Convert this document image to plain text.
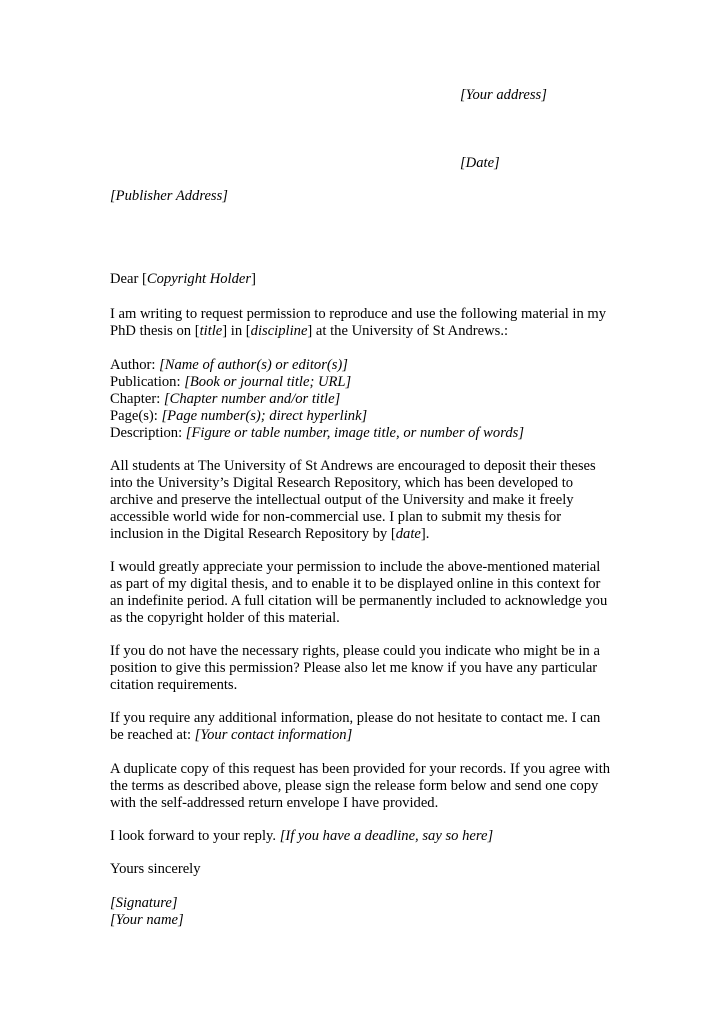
[Your address]

[Date]

[Publisher Address]

Dear [Copyright Holder]

I am writing to request permission to reproduce and use the following material in my
PhD thesis on [title] in [discipline] at the University of St Andrews.:

Author: [Name of author(s) or editor(s)]
Publication: [Book or journal title; URL]
Chapter: [Chapter number and/or title]
Page(s): [Page number(s); direct hyperlink]
Description: [Figure or table number, image title, or number of words]

All students at The University of St Andrews are encouraged to deposit their theses
into the University’s Digital Research Repository, which has been developed to
archive and preserve the intellectual output of the University and make it freely
accessible world wide for non-commercial use. I plan to submit my thesis for
inclusion in the Digital Research Repository by [date].

I would greatly appreciate your permission to include the above-mentioned material
as part of my digital thesis, and to enable it to be displayed online in this context for
an indefinite period. A full citation will be permanently included to acknowledge you
as the copyright holder of this material.

If you do not have the necessary rights, please could you indicate who might be in a
position to give this permission? Please also let me know if you have any particular
citation requirements.

If you require any additional information, please do not hesitate to contact me. I can
be reached at: [Your contact information]

A duplicate copy of this request has been provided for your records. If you agree with
the terms as described above, please sign the release form below and send one copy
with the self-addressed return envelope I have provided.

I look forward to your reply. [If you have a deadline, say so here]

Yours sincerely

[Signature]
[Your name]
